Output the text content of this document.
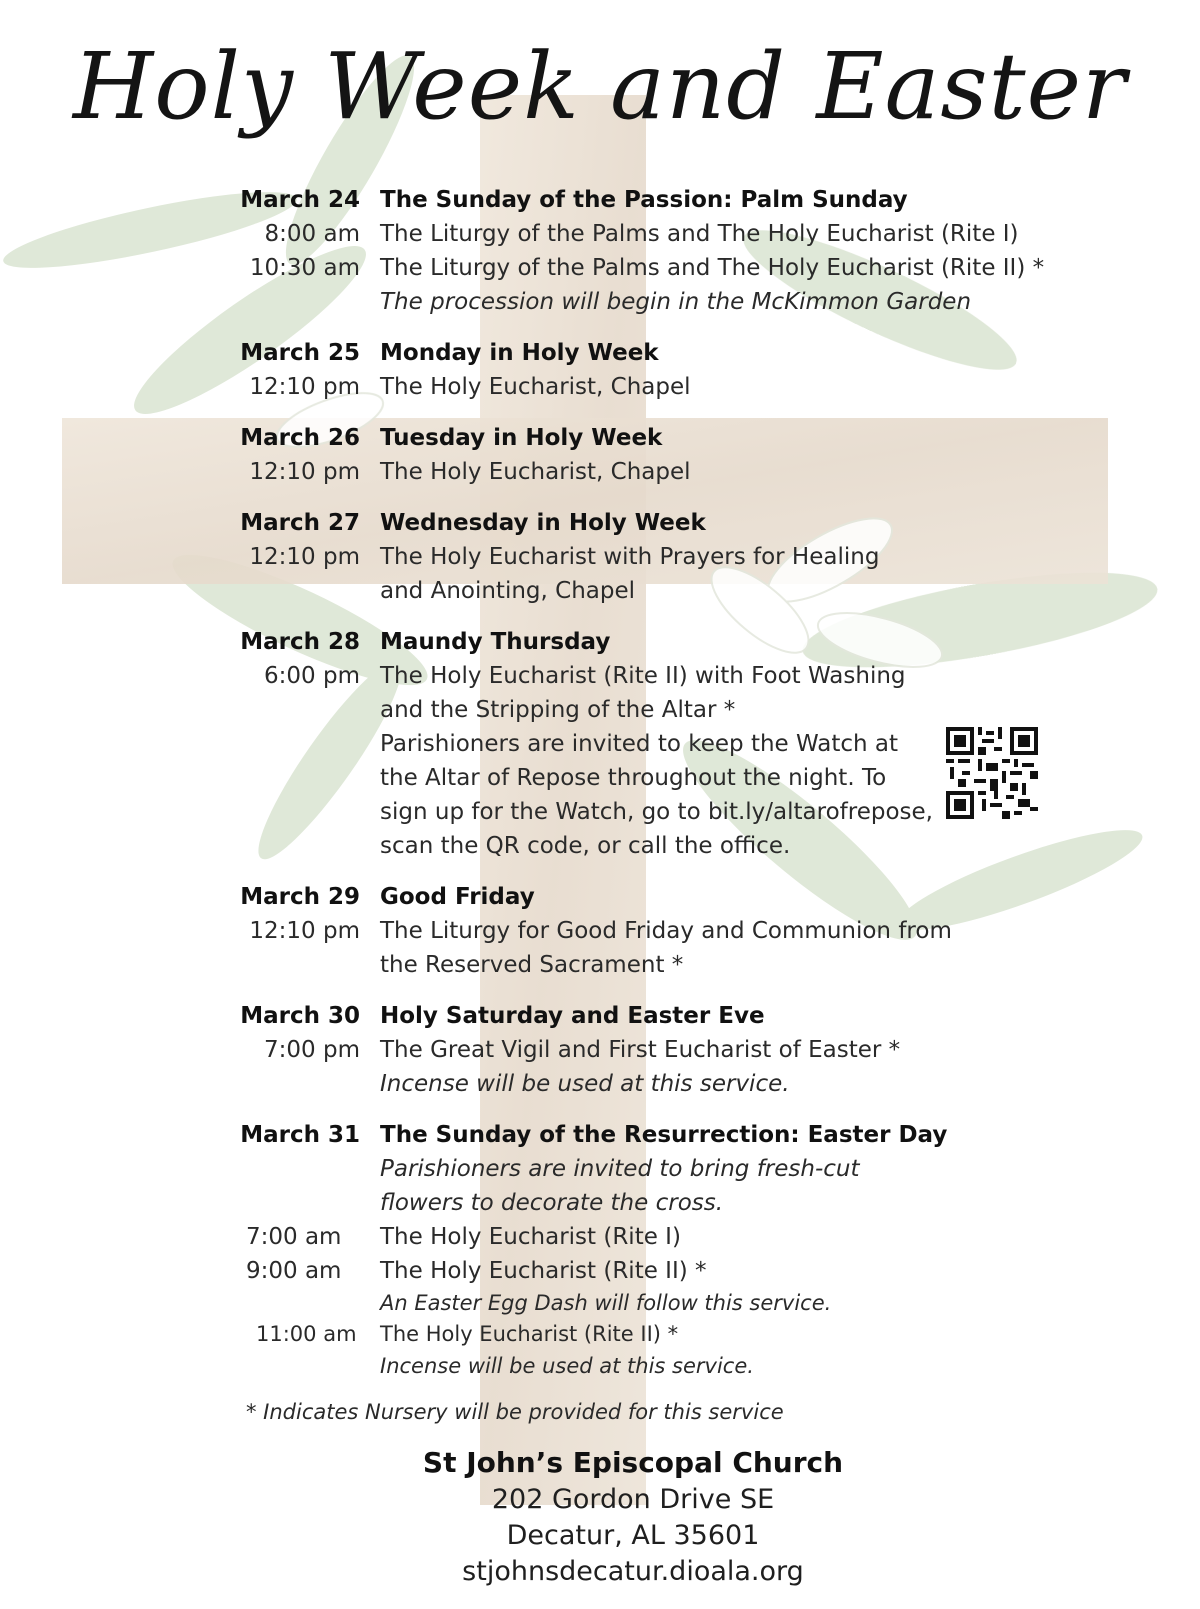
Holy Week and Easter
March 24 The Sunday of the Passion: Palm Sunday
8:00 am The Liturgy of the Palms and The Holy Eucharist (Rite I)
10:30 am The Liturgy of the Palms and The Holy Eucharist (Rite II) *
The procession will begin in the McKimmon Garden
March 25 Monday in Holy Week
12:10 pm The Holy Eucharist, Chapel
March 26 Tuesday in Holy Week
12:10 pm The Holy Eucharist, Chapel
March 27 Wednesday in Holy Week
12:10 pm The Holy Eucharist with Prayers for Healing
and Anointing, Chapel
March 28 Maundy Thursday
6:00 pm The Holy Eucharist (Rite II) with Foot Washing
and the Stripping of the Altar *
Parishioners are invited to keep the Watch at
the Altar of Repose throughout the night. To
sign up for the Watch, go to bit.ly/altarofrepose,
scan the QR code, or call the office.
March 29 Good Friday
12:10 pm The Liturgy for Good Friday and Communion from
the Reserved Sacrament *
March 30 Holy Saturday and Easter Eve
7:00 pm The Great Vigil and First Eucharist of Easter *
Incense will be used at this service.
March 31 The Sunday of the Resurrection: Easter Day
Parishioners are invited to bring fresh-cut
flowers to decorate the cross.
7:00 am The Holy Eucharist (Rite I)
9:00 am The Holy Eucharist (Rite II) *
An Easter Egg Dash will follow this service.
11:00 am The Holy Eucharist (Rite II) *
Incense will be used at this service.
* Indicates Nursery will be provided for this service
St John’s Episcopal Church
202 Gordon Drive SE
Decatur, AL 35601
stjohnsdecatur.dioala.org
